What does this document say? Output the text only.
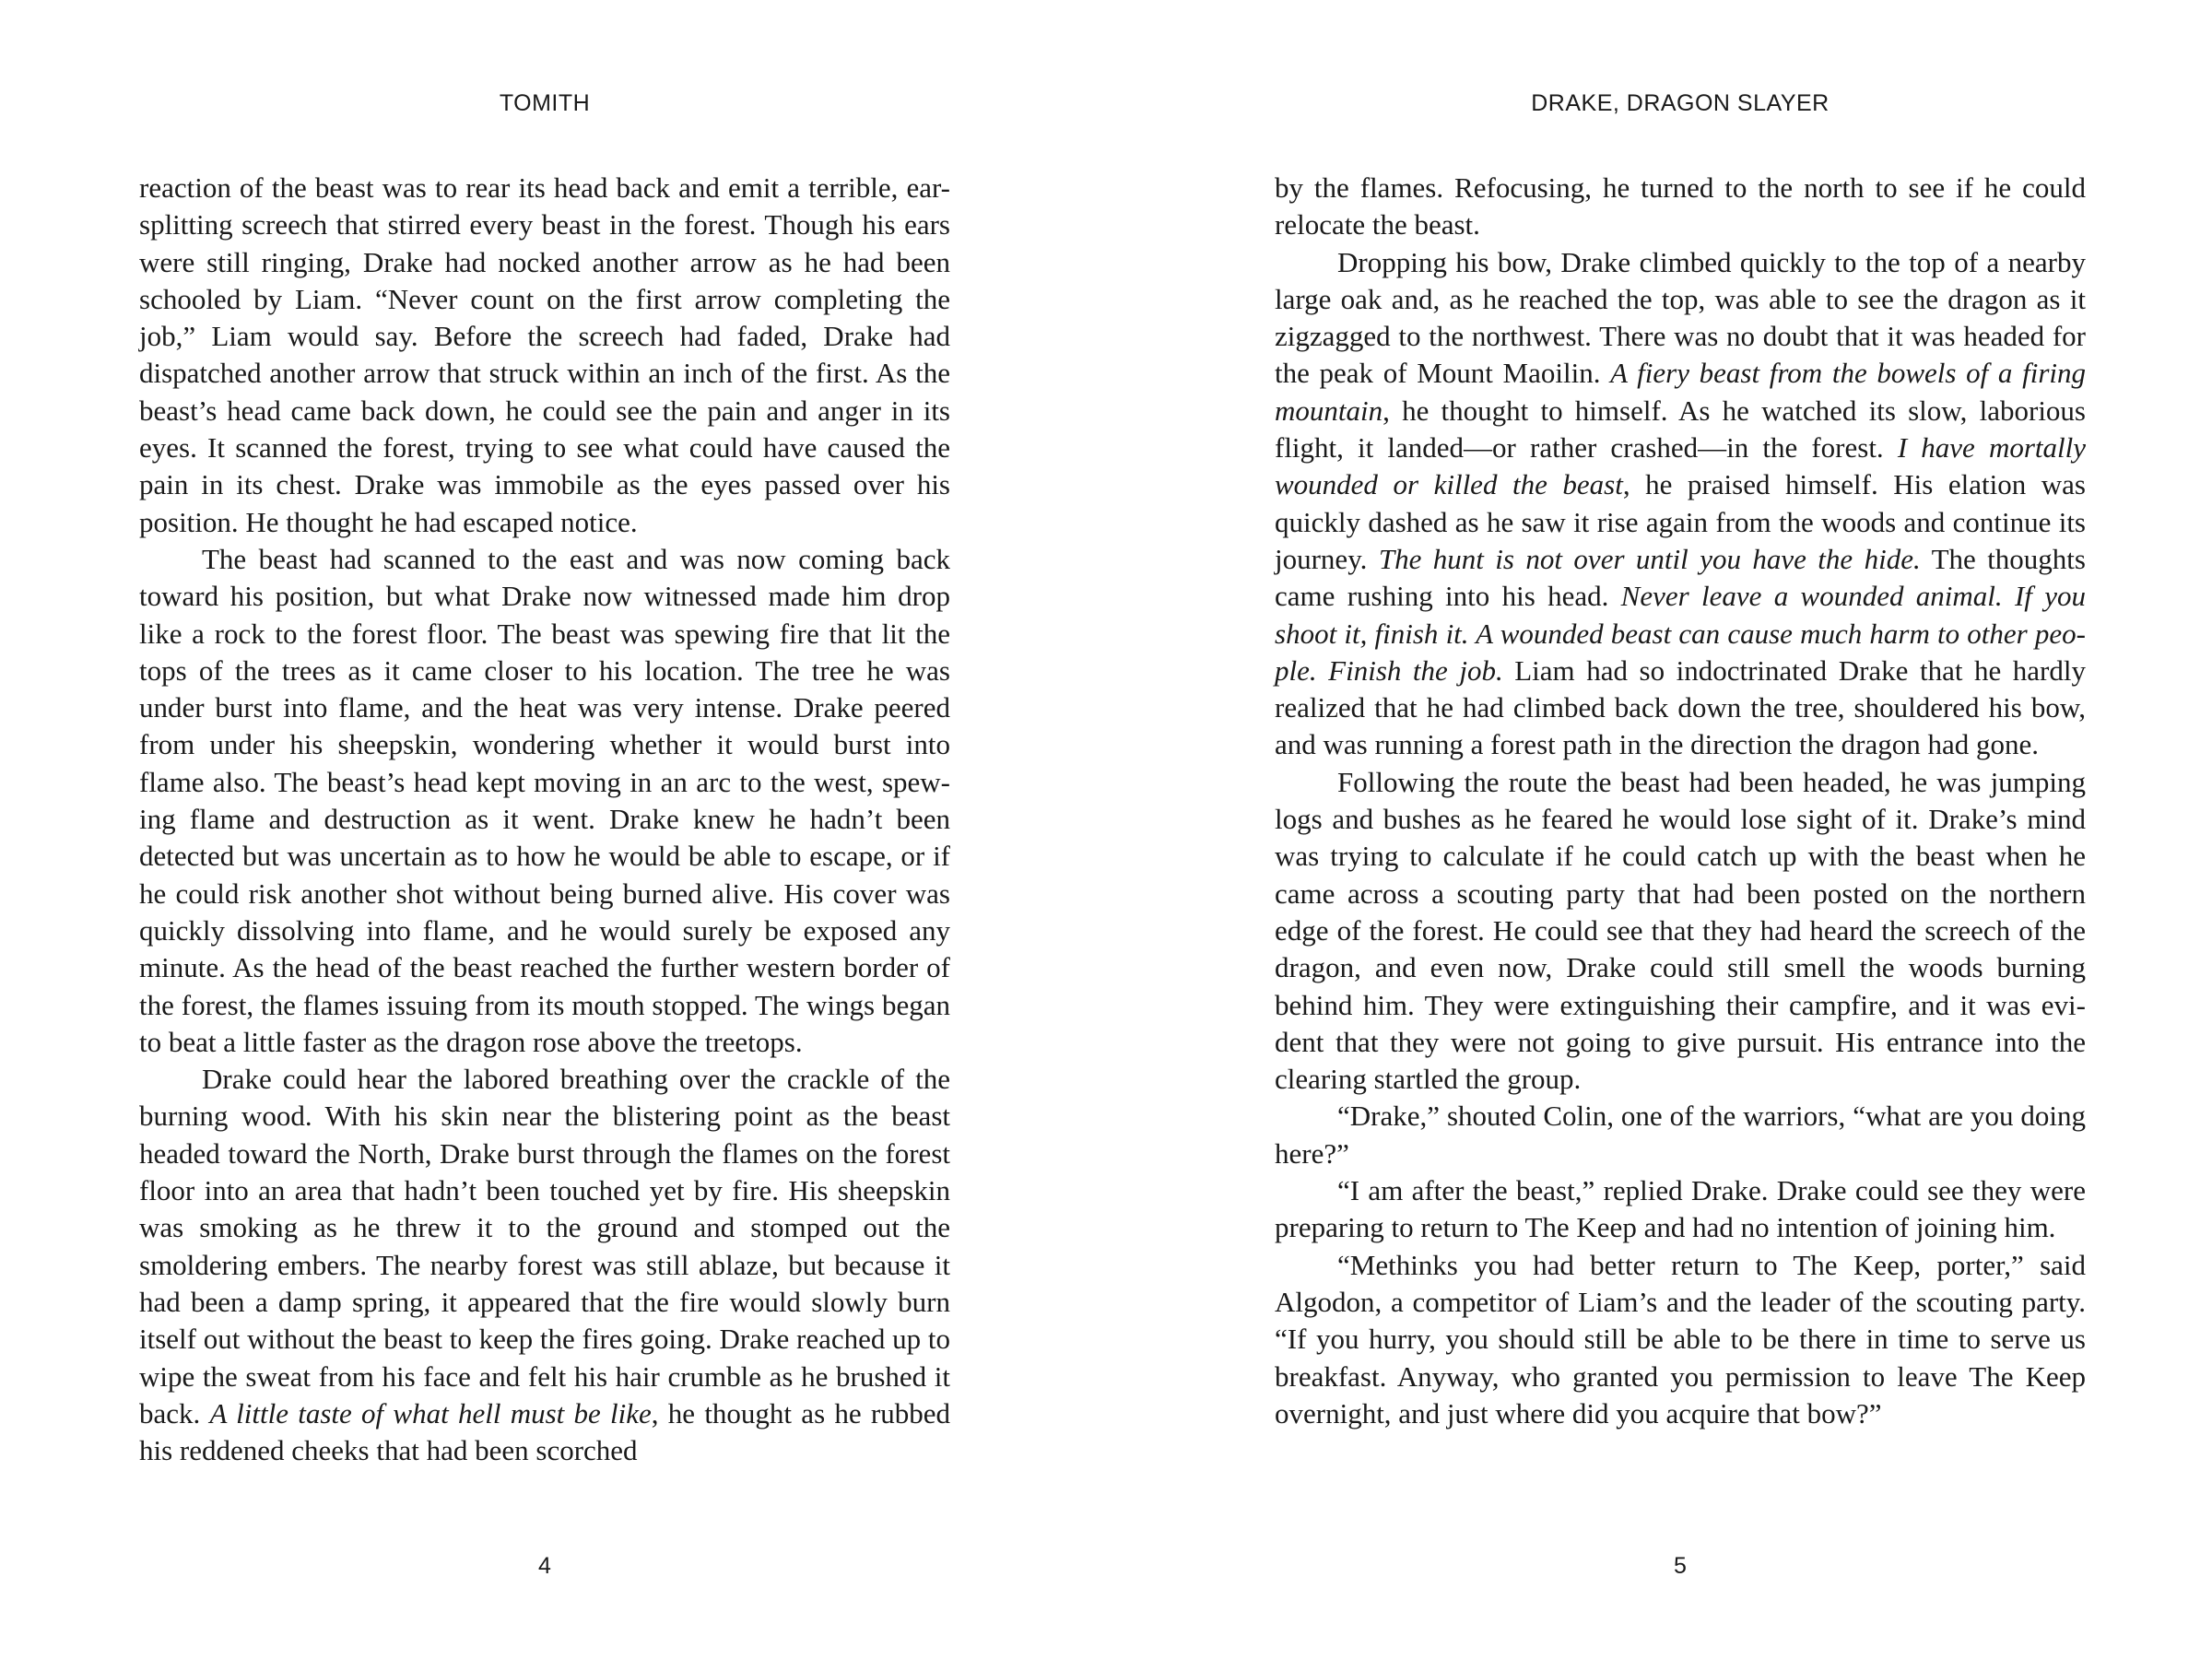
TOMITH

reaction of the beast was to rear its head back and emit a terrible, ear-splitting screech that stirred every beast in the forest. Though his ears were still ringing, Drake had nocked another arrow as he had been schooled by Liam. “Never count on the first arrow completing the job,” Liam would say. Before the screech had faded, Drake had dispatched another arrow that struck within an inch of the first. As the beast’s head came back down, he could see the pain and anger in its eyes. It scanned the forest, trying to see what could have caused the pain in its chest. Drake was immobile as the eyes passed over his position. He thought he had escaped notice.

The beast had scanned to the east and was now coming back toward his position, but what Drake now witnessed made him drop like a rock to the forest floor. The beast was spewing fire that lit the tops of the trees as it came closer to his location. The tree he was under burst into flame, and the heat was very intense. Drake peered from under his sheepskin, wondering whether it would burst into flame also. The beast’s head kept moving in an arc to the west, spewing flame and destruction as it went. Drake knew he hadn’t been detected but was uncertain as to how he would be able to escape, or if he could risk another shot without being burned alive. His cover was quickly dissolving into flame, and he would surely be exposed any minute. As the head of the beast reached the further western border of the forest, the flames issuing from its mouth stopped. The wings began to beat a little faster as the dragon rose above the treetops.

Drake could hear the labored breathing over the crackle of the burning wood. With his skin near the blistering point as the beast headed toward the North, Drake burst through the flames on the forest floor into an area that hadn’t been touched yet by fire. His sheepskin was smoking as he threw it to the ground and stomped out the smoldering embers. The nearby forest was still ablaze, but because it had been a damp spring, it appeared that the fire would slowly burn itself out without the beast to keep the fires going. Drake reached up to wipe the sweat from his face and felt his hair crumble as he brushed it back. A little taste of what hell must be like, he thought as he rubbed his reddened cheeks that had been scorched

4
DRAKE, DRAGON SLAYER

by the flames. Refocusing, he turned to the north to see if he could relocate the beast.

Dropping his bow, Drake climbed quickly to the top of a nearby large oak and, as he reached the top, was able to see the dragon as it zigzagged to the northwest. There was no doubt that it was headed for the peak of Mount Maoilin. A fiery beast from the bowels of a firing mountain, he thought to himself. As he watched its slow, laborious flight, it landed—or rather crashed—in the forest. I have mortally wounded or killed the beast, he praised himself. His elation was quickly dashed as he saw it rise again from the woods and continue its journey. The hunt is not over until you have the hide. The thoughts came rushing into his head. Never leave a wounded animal. If you shoot it, finish it. A wounded beast can cause much harm to other people. Finish the job. Liam had so indoctrinated Drake that he hardly realized that he had climbed back down the tree, shouldered his bow, and was running a forest path in the direction the dragon had gone.

Following the route the beast had been headed, he was jumping logs and bushes as he feared he would lose sight of it. Drake’s mind was trying to calculate if he could catch up with the beast when he came across a scouting party that had been posted on the northern edge of the forest. He could see that they had heard the screech of the dragon, and even now, Drake could still smell the woods burning behind him. They were extinguishing their campfire, and it was evident that they were not going to give pursuit. His entrance into the clearing startled the group.

“Drake,” shouted Colin, one of the warriors, “what are you doing here?”

“I am after the beast,” replied Drake. Drake could see they were preparing to return to The Keep and had no intention of joining him.

“Methinks you had better return to The Keep, porter,” said Algodon, a competitor of Liam’s and the leader of the scouting party. “If you hurry, you should still be able to be there in time to serve us breakfast. Anyway, who granted you permission to leave The Keep overnight, and just where did you acquire that bow?”

5
